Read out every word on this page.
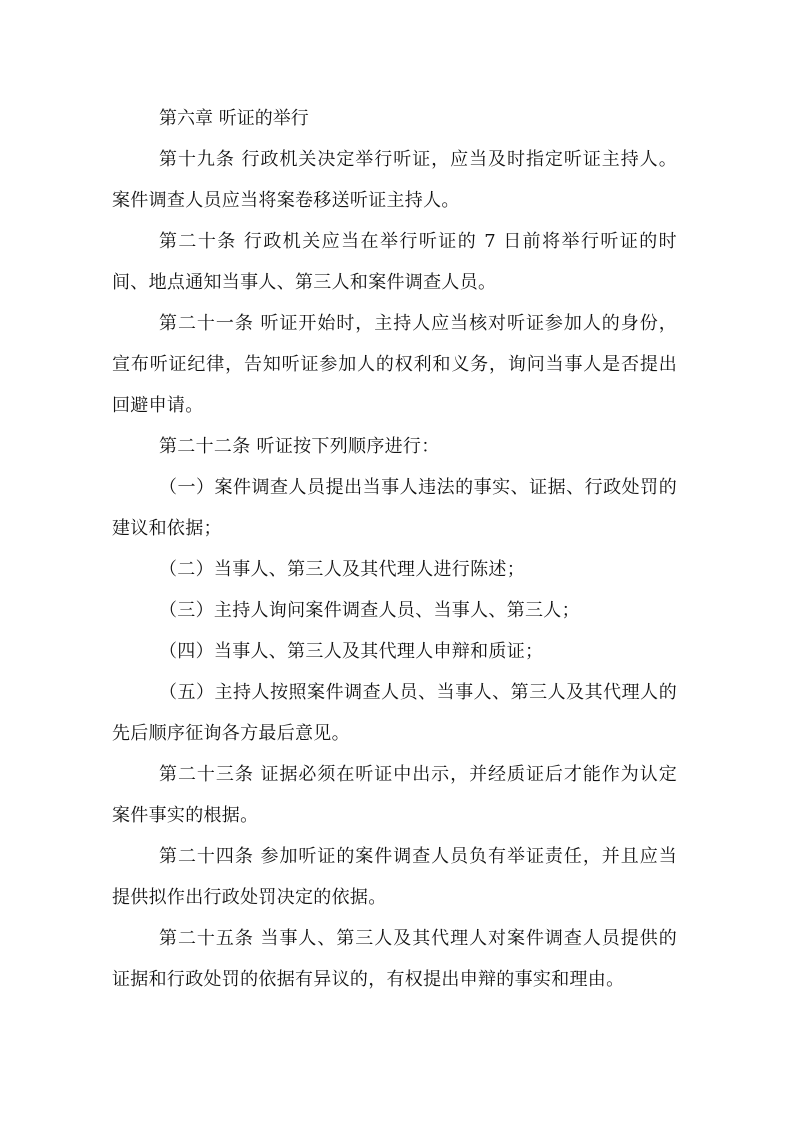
第六章 听证的举行

第十九条 行政机关决定举行听证，应当及时指定听证主持人。案件调查人员应当将案卷移送听证主持人。

第二十条 行政机关应当在举行听证的 7 日前将举行听证的时间、地点通知当事人、第三人和案件调查人员。

第二十一条 听证开始时，主持人应当核对听证参加人的身份，宣布听证纪律，告知听证参加人的权利和义务，询问当事人是否提出回避申请。

第二十二条 听证按下列顺序进行：

（一）案件调查人员提出当事人违法的事实、证据、行政处罚的建议和依据；

（二）当事人、第三人及其代理人进行陈述；

（三）主持人询问案件调查人员、当事人、第三人；

（四）当事人、第三人及其代理人申辩和质证；

（五）主持人按照案件调查人员、当事人、第三人及其代理人的先后顺序征询各方最后意见。

第二十三条 证据必须在听证中出示，并经质证后才能作为认定案件事实的根据。

第二十四条 参加听证的案件调查人员负有举证责任，并且应当提供拟作出行政处罚决定的依据。

第二十五条 当事人、第三人及其代理人对案件调查人员提供的证据和行政处罚的依据有异议的，有权提出申辩的事实和理由。
